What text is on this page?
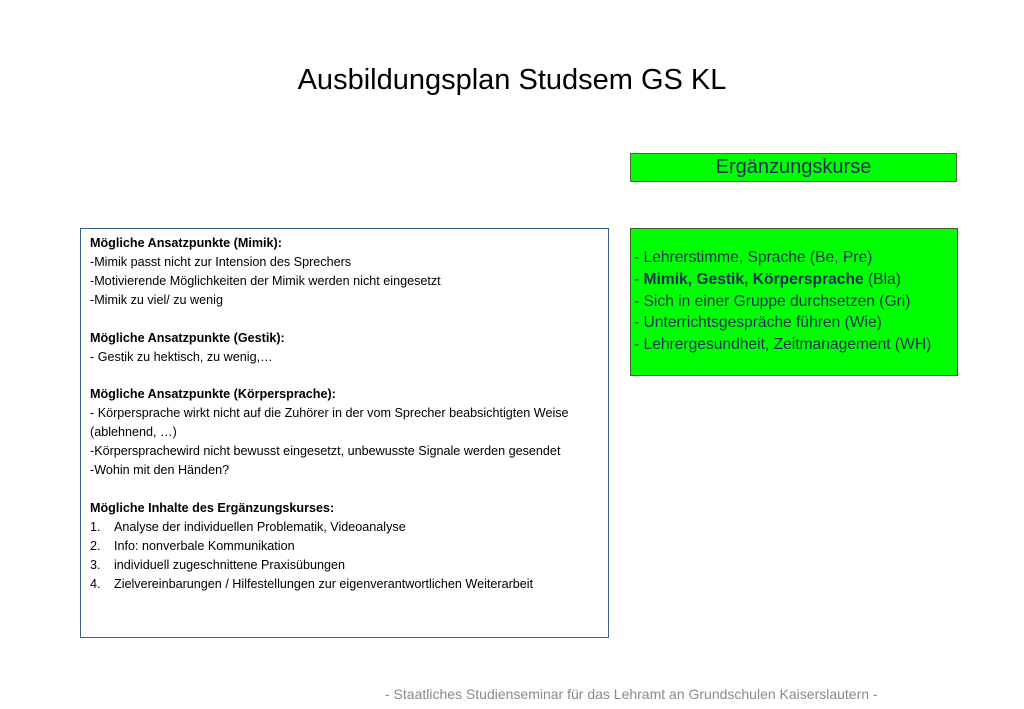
Ausbildungsplan Studsem GS KL
Ergänzungskurse
Mögliche Ansatzpunkte (Mimik):
-Mimik passt nicht zur Intension des Sprechers
-Motivierende Möglichkeiten der Mimik werden nicht eingesetzt
-Mimik zu viel/ zu wenig
Mögliche Ansatzpunkte (Gestik):
- Gestik zu hektisch, zu wenig,…
Mögliche Ansatzpunkte (Körpersprache):
- Körpersprache wirkt nicht auf die Zuhörer in der vom Sprecher beabsichtigten Weise (ablehnend, …)
-Körpersprachewird nicht bewusst eingesetzt, unbewusste Signale werden gesendet
-Wohin mit den Händen?
Mögliche Inhalte des Ergänzungskurses:
1.	Analyse der individuellen Problematik, Videoanalyse
2.	Info: nonverbale Kommunikation
3.	individuell zugeschnittene Praxisübungen
4.	Zielvereinbarungen / Hilfestellungen zur eigenverantwortlichen Weiterarbeit
- Lehrerstimme, Sprache (Be, Pre)
- Mimik, Gestik, Körpersprache (Bla)
- Sich in einer Gruppe durchsetzen (Gri)
- Unterrichtsgespräche führen (Wie)
- Lehrergesundheit, Zeitmanagement (WH)
- Staatliches Studienseminar für das Lehramt an Grundschulen Kaiserslautern -
